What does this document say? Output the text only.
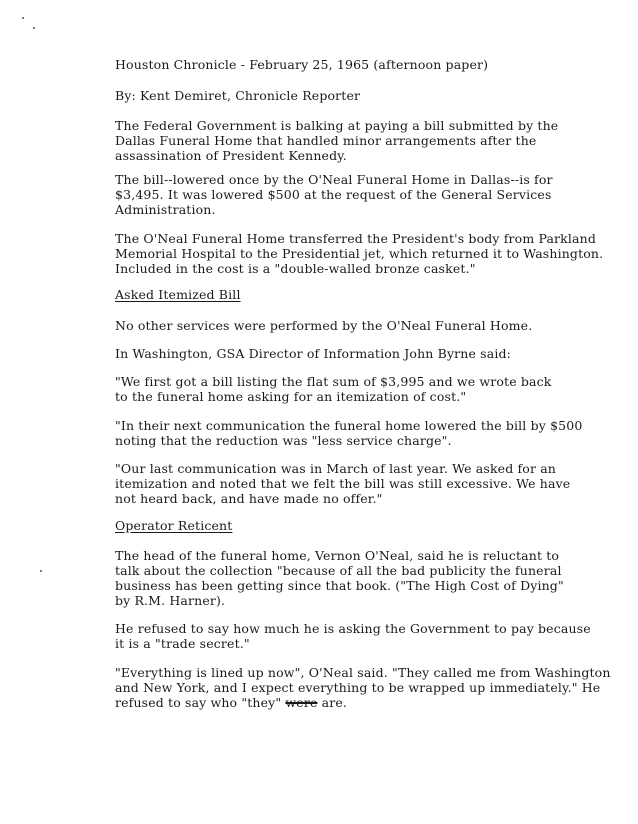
Houston Chronicle - February 25, 1965 (afternoon paper)
By: Kent Demiret, Chronicle Reporter
The Federal Government is balking at paying a bill submitted by the
Dallas Funeral Home that handled minor arrangements after the
assassination of President Kennedy.
The bill--lowered once by the O'Neal Funeral Home in Dallas--is for
$3,495. It was lowered $500 at the request of the General Services
Administration.
The O'Neal Funeral Home transferred the President's body from Parkland
Memorial Hospital to the Presidential jet, which returned it to Washington.
Included in the cost is a "double-walled bronze casket."
Asked Itemized Bill
No other services were performed by the O'Neal Funeral Home.
In Washington, GSA Director of Information John Byrne said:
"We first got a bill listing the flat sum of $3,995 and we wrote back
to the funeral home asking for an itemization of cost."
"In their next communication the funeral home lowered the bill by $500
noting that the reduction was "less service charge".
"Our last communication was in March of last year. We asked for an
itemization and noted that we felt the bill was still excessive. We have
not heard back, and have made no offer."
Operator Reticent
The head of the funeral home, Vernon O'Neal, said he is reluctant to
talk about the collection "because of all the bad publicity the funeral
business has been getting since that book. ("The High Cost of Dying"
by R.M. Harner).
He refused to say how much he is asking the Government to pay because
it is a "trade secret."
"Everything is lined up now", O'Neal said. "They called me from Washington
and New York, and I expect everything to be wrapped up immediately." He
refused to say who "they" were are.
